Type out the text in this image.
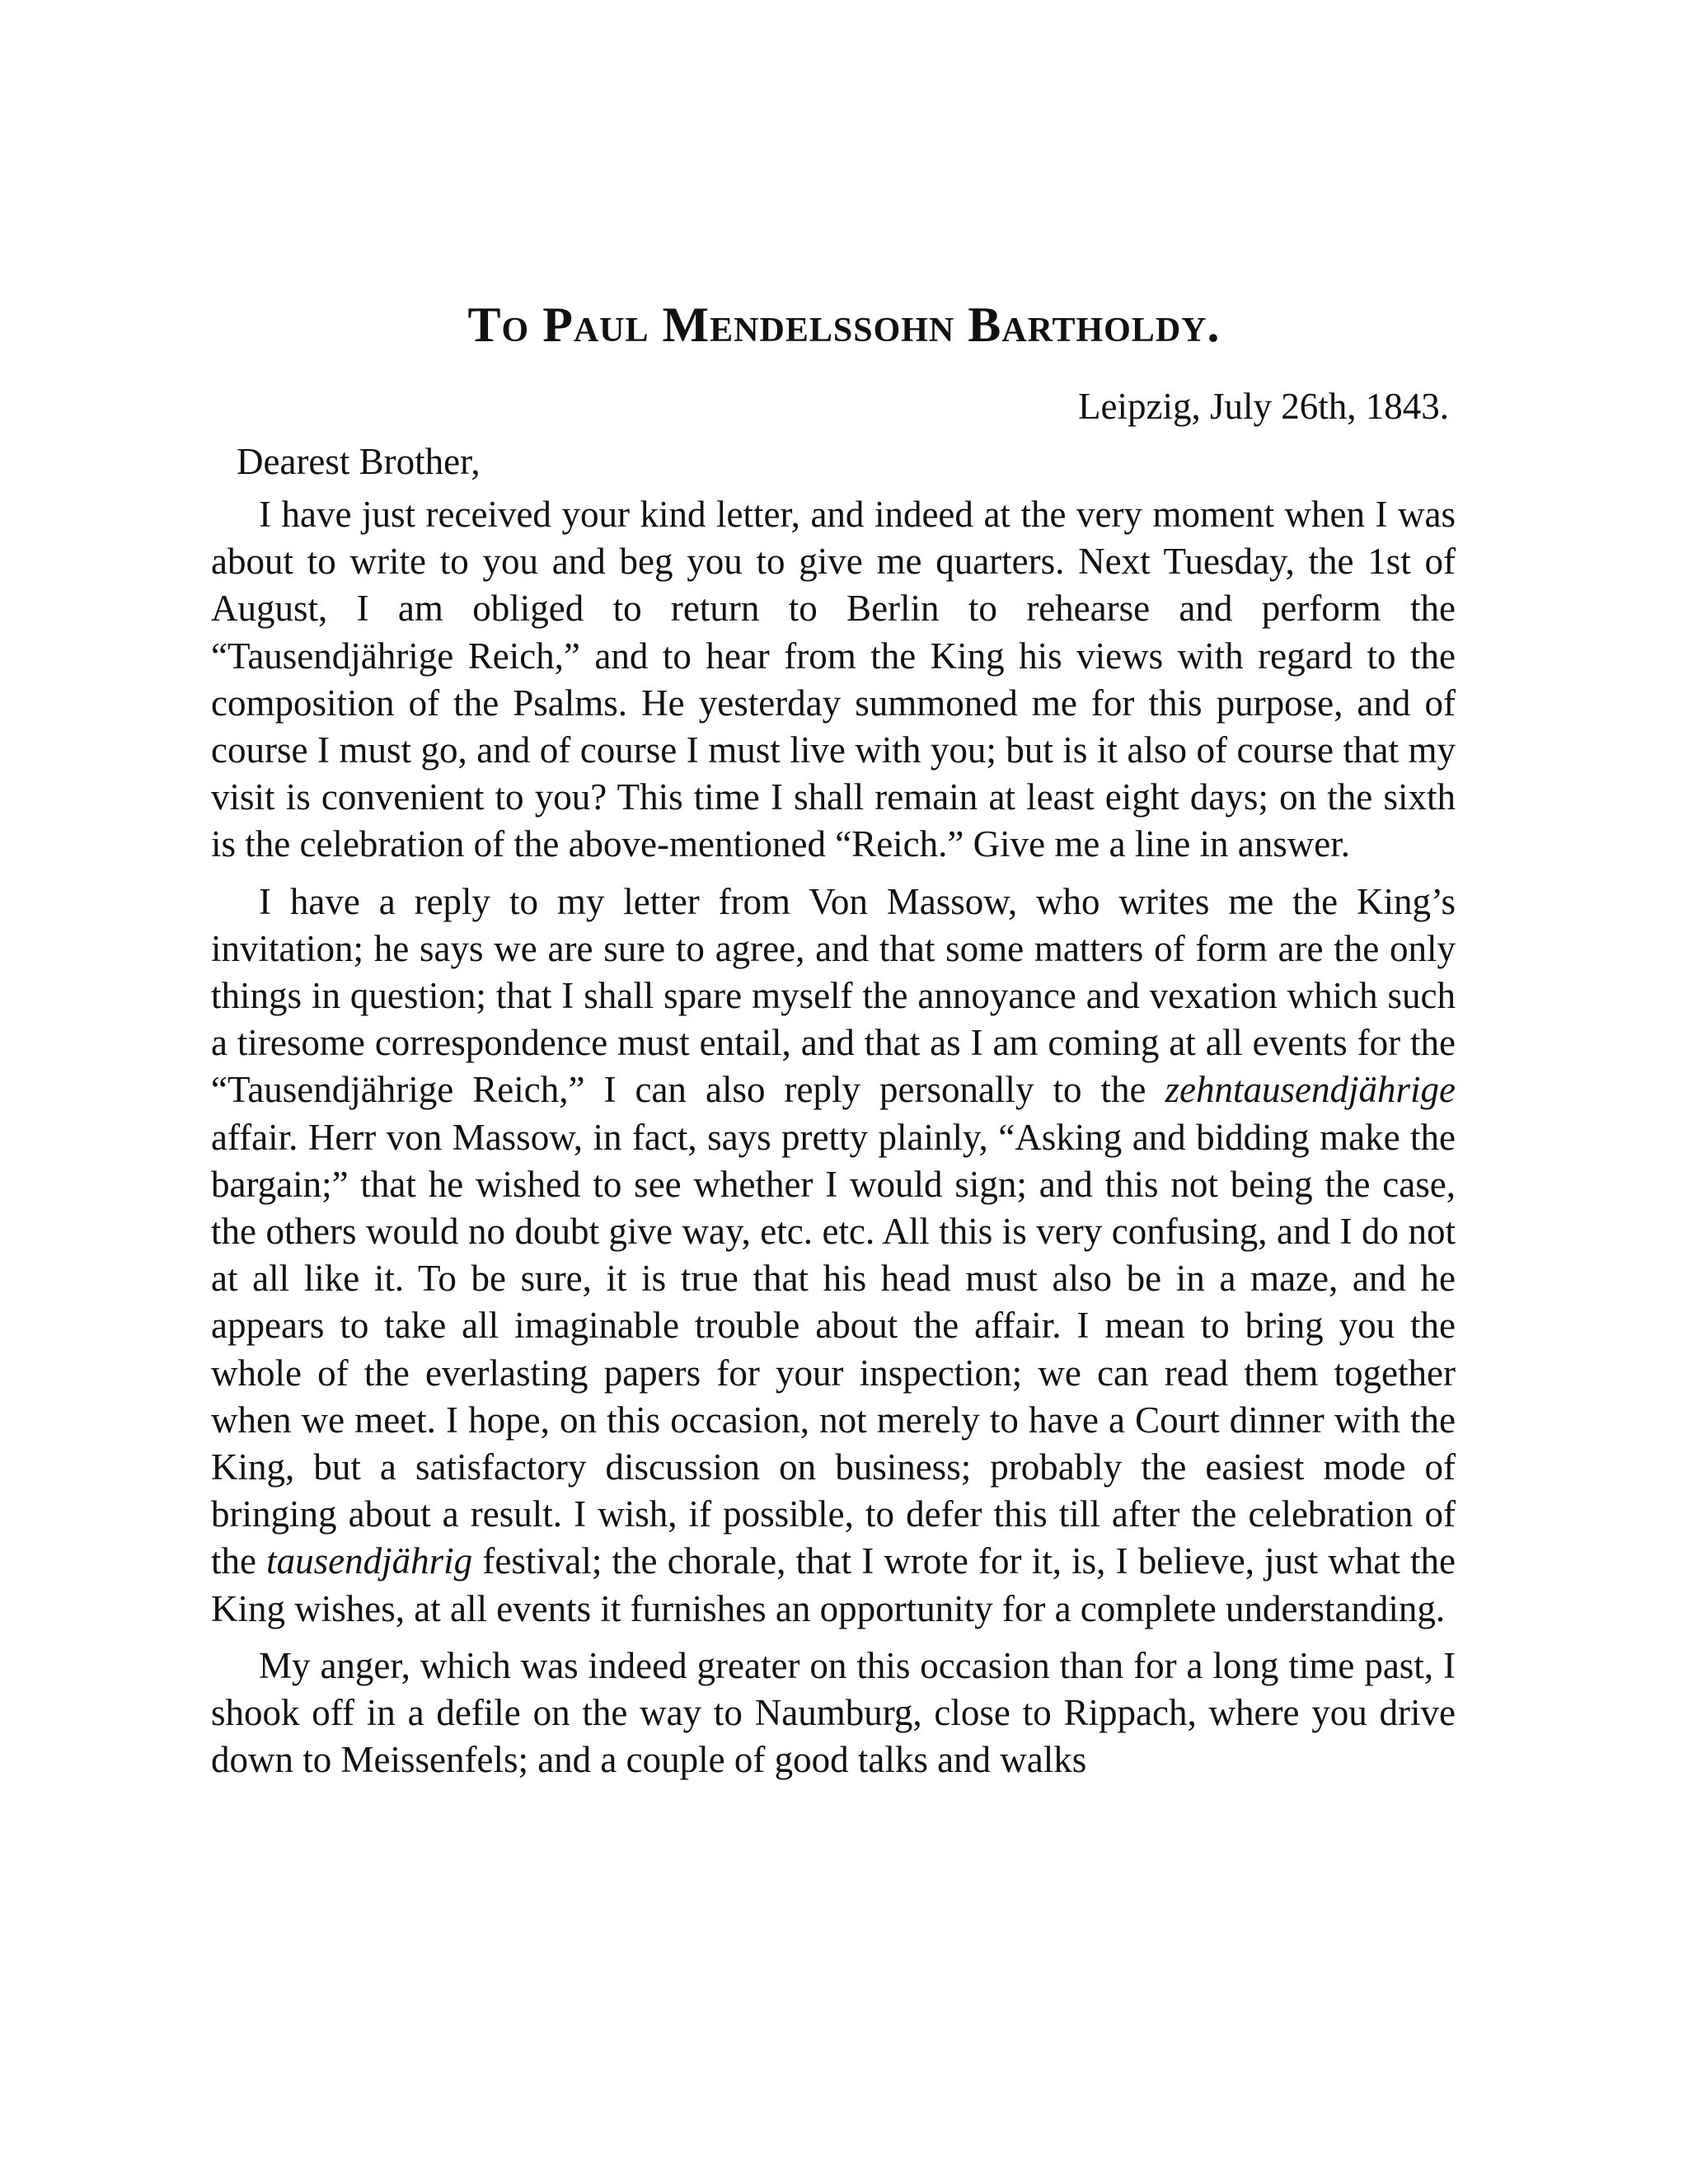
To Paul Mendelssohn Bartholdy.
Leipzig, July 26th, 1843.
Dearest Brother,

I have just received your kind letter, and indeed at the very moment when I was about to write to you and beg you to give me quarters. Next Tuesday, the 1st of August, I am obliged to return to Berlin to rehearse and perform the “Tausendjährige Reich,” and to hear from the King his views with regard to the composition of the Psalms. He yesterday summoned me for this purpose, and of course I must go, and of course I must live with you; but is it also of course that my visit is convenient to you? This time I shall remain at least eight days; on the sixth is the celebration of the above-mentioned “Reich.” Give me a line in answer.

I have a reply to my letter from Von Massow, who writes me the King’s invitation; he says we are sure to agree, and that some matters of form are the only things in question; that I shall spare myself the annoyance and vexation which such a tiresome correspondence must entail, and that as I am coming at all events for the “Tausendjährige Reich,” I can also reply personally to the zehntausendjährige affair. Herr von Massow, in fact, says pretty plainly, “Asking and bidding make the bargain;” that he wished to see whether I would sign; and this not being the case, the others would no doubt give way, etc. etc. All this is very confusing, and I do not at all like it. To be sure, it is true that his head must also be in a maze, and he appears to take all imaginable trouble about the affair. I mean to bring you the whole of the everlasting papers for your inspection; we can read them together when we meet. I hope, on this occasion, not merely to have a Court dinner with the King, but a satisfactory discussion on business; probably the easiest mode of bringing about a result. I wish, if possible, to defer this till after the celebration of the tausendjährig festival; the chorale, that I wrote for it, is, I believe, just what the King wishes, at all events it furnishes an opportunity for a complete understanding.

My anger, which was indeed greater on this occasion than for a long time past, I shook off in a defile on the way to Naumburg, close to Rippach, where you drive down to Meissenfels; and a couple of good talks and walks
